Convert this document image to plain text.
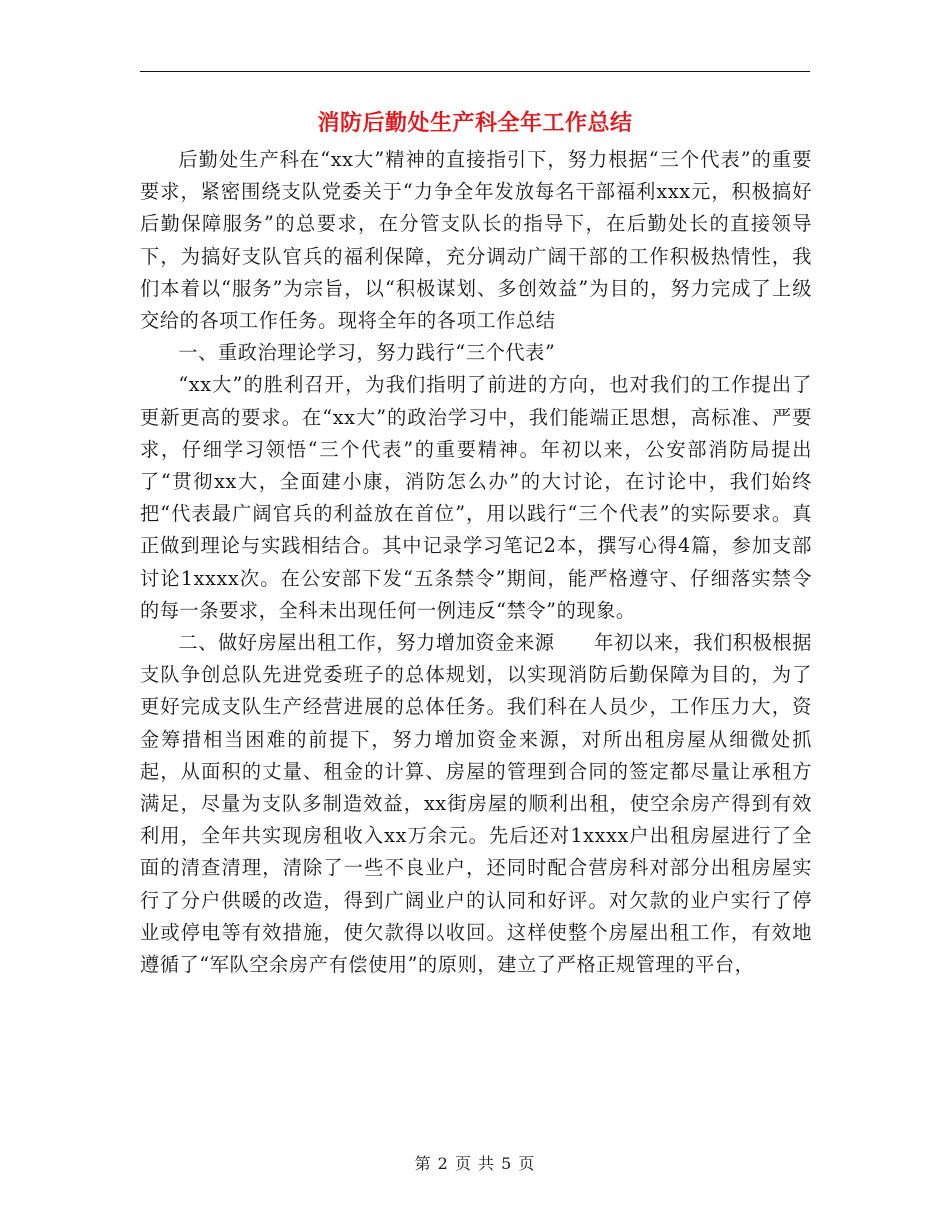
消防后勤处生产科全年工作总结

后勤处生产科在“xx大”精神的直接指引下，努力根据“三个代表”的重要要求，紧密围绕支队党委关于“力争全年发放每名干部福利xxx元，积极搞好后勤保障服务”的总要求，在分管支队长的指导下，在后勤处长的直接领导下，为搞好支队官兵的福利保障，充分调动广阔干部的工作积极热情性，我们本着以“服务”为宗旨，以“积极谋划、多创效益”为目的，努力完成了上级交给的各项工作任务。现将全年的各项工作总结

一、重政治理论学习，努力践行“三个代表”

“xx大”的胜利召开，为我们指明了前进的方向，也对我们的工作提出了更新更高的要求。在“xx大”的政治学习中，我们能端正思想，高标准、严要求，仔细学习领悟“三个代表”的重要精神。年初以来，公安部消防局提出了“贯彻xx大，全面建小康，消防怎么办”的大讨论，在讨论中，我们始终把“代表最广阔官兵的利益放在首位”，用以践行“三个代表”的实际要求。真正做到理论与实践相结合。其中记录学习笔记2本，撰写心得4篇，参加支部讨论1xxxx次。在公安部下发“五条禁令”期间，能严格遵守、仔细落实禁令的每一条要求，全科未出现任何一例违反“禁令”的现象。

二、做好房屋出租工作，努力增加资金来源　　年初以来，我们积极根据支队争创总队先进党委班子的总体规划，以实现消防后勤保障为目的，为了更好完成支队生产经营进展的总体任务。我们科在人员少，工作压力大，资金筹措相当困难的前提下，努力增加资金来源，对所出租房屋从细微处抓起，从面积的丈量、租金的计算、房屋的管理到合同的签定都尽量让承租方满足，尽量为支队多制造效益，xx街房屋的顺利出租，使空余房产得到有效利用，全年共实现房租收入xx万余元。先后还对1xxxx户出租房屋进行了全面的清查清理，清除了一些不良业户，还同时配合营房科对部分出租房屋实行了分户供暖的改造，得到广阔业户的认同和好评。对欠款的业户实行了停业或停电等有效措施，使欠款得以收回。这样使整个房屋出租工作，有效地遵循了“军队空余房产有偿使用”的原则，建立了严格正规管理的平台，

第 2 页 共 5 页
